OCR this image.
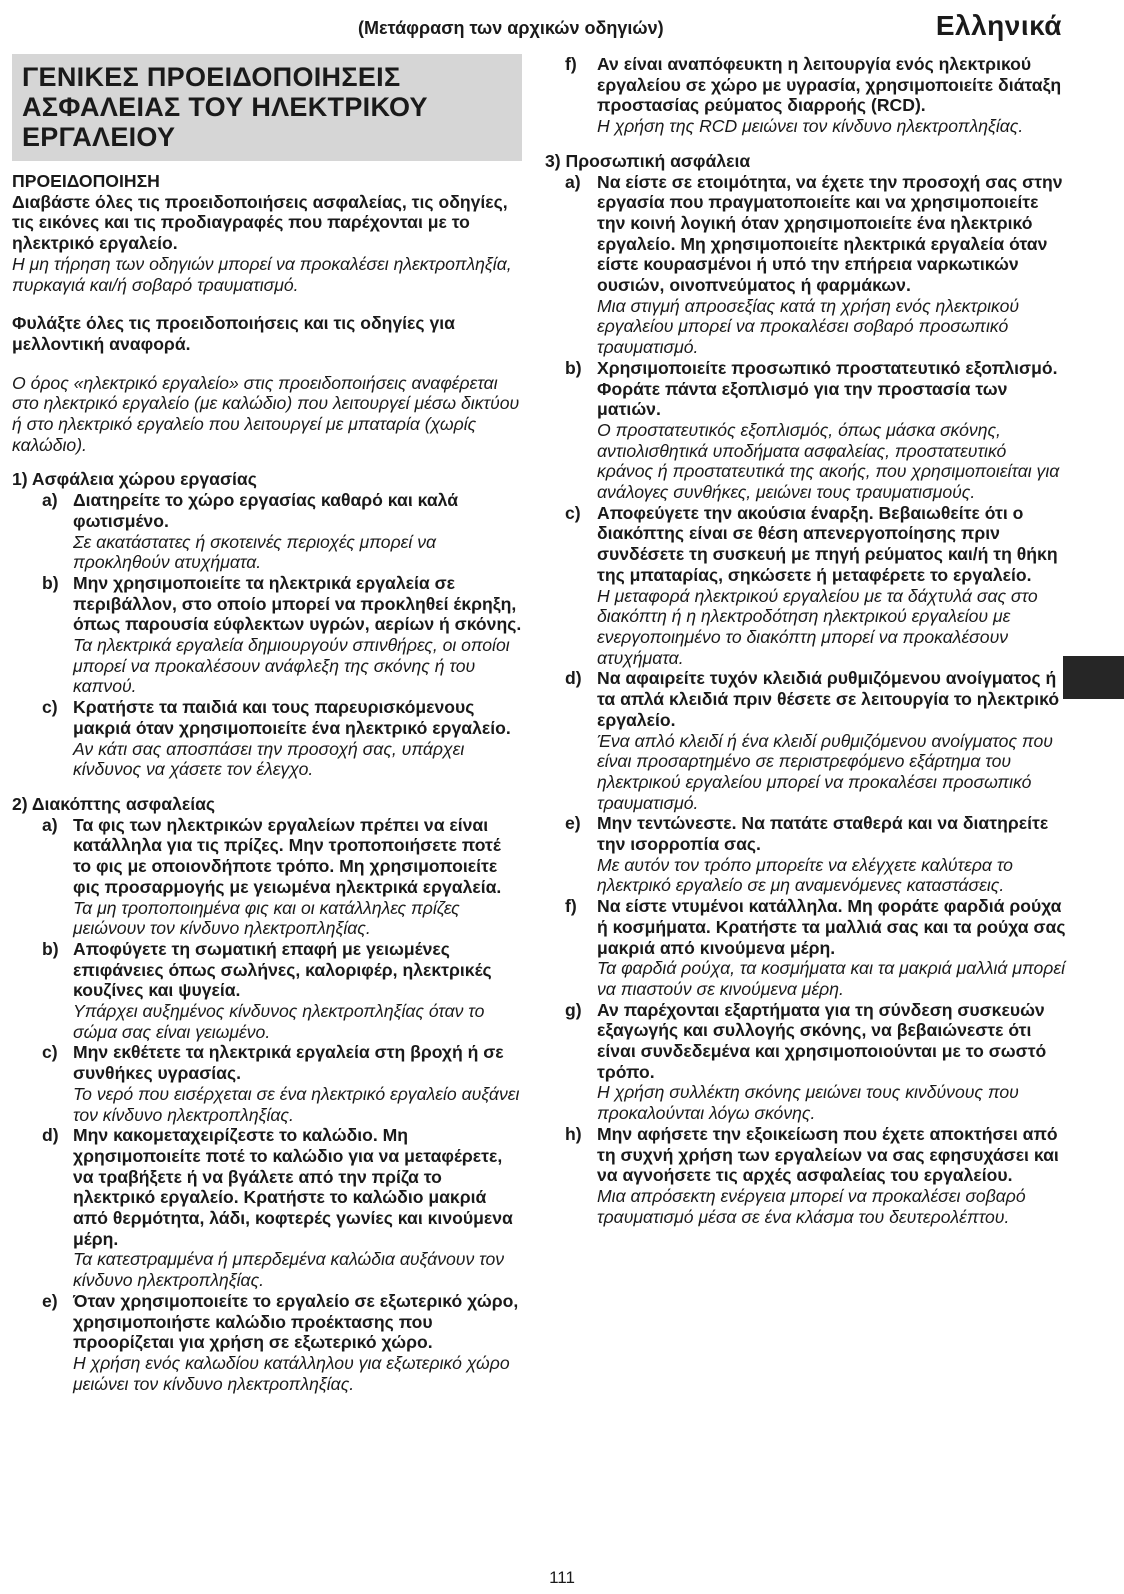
(Μετάφραση των αρχικών οδηγιών)	Ελληνικά
ΓΕΝΙΚΕΣ ΠΡΟΕΙΔΟΠΟΙΗΣΕΙΣ ΑΣΦΑΛΕΙΑΣ ΤΟΥ ΗΛΕΚΤΡΙΚΟΥ ΕΡΓΑΛΕΙΟΥ

ΠΡΟΕΙΔΟΠΟΙΗΣΗ

Διαβάστε όλες τις προειδοποιήσεις ασφαλείας, τις οδηγίες, τις εικόνες και τις προδιαγραφές που παρέχονται με το ηλεκτρικό εργαλείο.

Η μη τήρηση των οδηγιών μπορεί να προκαλέσει ηλεκτροπληξία, πυρκαγιά και/ή σοβαρό τραυματισμό.

Φυλάξτε όλες τις προειδοποιήσεις και τις οδηγίες για μελλοντική αναφορά.

Ο όρος «ηλεκτρικό εργαλείο» στις προειδοποιήσεις αναφέρεται στο ηλεκτρικό εργαλείο (με καλώδιο) που λειτουργεί μέσω δικτύου ή στο ηλεκτρικό εργαλείο που λειτουργεί με μπαταρία (χωρίς καλώδιο).

1) Ασφάλεια χώρου εργασίας

a) Διατηρείτε το χώρο εργασίας καθαρό και καλά φωτισμένο.

Σε ακατάστατες ή σκοτεινές περιοχές μπορεί να προκληθούν ατυχήματα.

b) Μην χρησιμοποιείτε τα ηλεκτρικά εργαλεία σε περιβάλλον, στο οποίο μπορεί να προκληθεί έκρηξη, όπως παρουσία εύφλεκτων υγρών, αερίων ή σκόνης.

Τα ηλεκτρικά εργαλεία δημιουργούν σπινθήρες, οι οποίοι μπορεί να προκαλέσουν ανάφλεξη της σκόνης ή του καπνού.

c) Κρατήστε τα παιδιά και τους παρευρισκόμενους μακριά όταν χρησιμοποιείτε ένα ηλεκτρικό εργαλείο.

Αν κάτι σας αποσπάσει την προσοχή σας, υπάρχει κίνδυνος να χάσετε τον έλεγχο.

2) Διακόπτης ασφαλείας

a) Τα φις των ηλεκτρικών εργαλείων πρέπει να είναι κατάλληλα για τις πρίζες. Μην τροποποιήσετε ποτέ το φις με οποιονδήποτε τρόπο. Μη χρησιμοποιείτε φις προσαρμογής με γειωμένα ηλεκτρικά εργαλεία.

Τα μη τροποποιημένα φις και οι κατάλληλες πρίζες μειώνουν τον κίνδυνο ηλεκτροπληξίας.

b) Αποφύγετε τη σωματική επαφή με γειωμένες επιφάνειες όπως σωλήνες, καλοριφέρ, ηλεκτρικές κουζίνες και ψυγεία.

Υπάρχει αυξημένος κίνδυνος ηλεκτροπληξίας όταν το σώμα σας είναι γειωμένο.

c) Μην εκθέτετε τα ηλεκτρικά εργαλεία στη βροχή ή σε συνθήκες υγρασίας.

Το νερό που εισέρχεται σε ένα ηλεκτρικό εργαλείο αυξάνει τον κίνδυνο ηλεκτροπληξίας.

d) Μην κακομεταχειρίζεστε το καλώδιο. Μη χρησιμοποιείτε ποτέ το καλώδιο για να μεταφέρετε, να τραβήξετε ή να βγάλετε από την πρίζα το ηλεκτρικό εργαλείο. Κρατήστε το καλώδιο μακριά από θερμότητα, λάδι, κοφτερές γωνίες και κινούμενα μέρη.

Τα κατεστραμμένα ή μπερδεμένα καλώδια αυξάνουν τον κίνδυνο ηλεκτροπληξίας.

e) Όταν χρησιμοποιείτε το εργαλείο σε εξωτερικό χώρο, χρησιμοποιήστε καλώδιο προέκτασης που προορίζεται για χρήση σε εξωτερικό χώρο.

Η χρήση ενός καλωδίου κατάλληλου για εξωτερικό χώρο μειώνει τον κίνδυνο ηλεκτροπληξίας.

f) Αν είναι αναπόφευκτη η λειτουργία ενός ηλεκτρικού εργαλείου σε χώρο με υγρασία, χρησιμοποιείτε διάταξη προστασίας ρεύματος διαρροής (RCD).

Η χρήση της RCD μειώνει τον κίνδυνο ηλεκτροπληξίας.

3) Προσωπική ασφάλεια

a) Να είστε σε ετοιμότητα, να έχετε την προσοχή σας στην εργασία που πραγματοποιείτε και να χρησιμοποιείτε την κοινή λογική όταν χρησιμοποιείτε ένα ηλεκτρικό εργαλείο. Μη χρησιμοποιείτε ηλεκτρικά εργαλεία όταν είστε κουρασμένοι ή υπό την επήρεια ναρκωτικών ουσιών, οινοπνεύματος ή φαρμάκων.

Μια στιγμή απροσεξίας κατά τη χρήση ενός ηλεκτρικού εργαλείου μπορεί να προκαλέσει σοβαρό προσωπικό τραυματισμό.

b) Χρησιμοποιείτε προσωπικό προστατευτικό εξοπλισμό. Φοράτε πάντα εξοπλισμό για την προστασία των ματιών.

Ο προστατευτικός εξοπλισμός, όπως μάσκα σκόνης, αντιολισθητικά υποδήματα ασφαλείας, προστατευτικό κράνος ή προστατευτικά της ακοής, που χρησιμοποιείται για ανάλογες συνθήκες, μειώνει τους τραυματισμούς.

c) Αποφεύγετε την ακούσια έναρξη. Βεβαιωθείτε ότι ο διακόπτης είναι σε θέση απενεργοποίησης πριν συνδέσετε τη συσκευή με πηγή ρεύματος και/ή τη θήκη της μπαταρίας, σηκώσετε ή μεταφέρετε το εργαλείο.

Η μεταφορά ηλεκτρικού εργαλείου με τα δάχτυλά σας στο διακόπτη ή η ηλεκτροδότηση ηλεκτρικού εργαλείου με ενεργοποιημένο το διακόπτη μπορεί να προκαλέσουν ατυχήματα.

d) Να αφαιρείτε τυχόν κλειδιά ρυθμιζόμενου ανοίγματος ή τα απλά κλειδιά πριν θέσετε σε λειτουργία το ηλεκτρικό εργαλείο.

Ένα απλό κλειδί ή ένα κλειδί ρυθμιζόμενου ανοίγματος που είναι προσαρτημένο σε περιστρεφόμενο εξάρτημα του ηλεκτρικού εργαλείου μπορεί να προκαλέσει προσωπικό τραυματισμό.

e) Μην τεντώνεστε. Να πατάτε σταθερά και να διατηρείτε την ισορροπία σας.

Με αυτόν τον τρόπο μπορείτε να ελέγχετε καλύτερα το ηλεκτρικό εργαλείο σε μη αναμενόμενες καταστάσεις.

f) Να είστε ντυμένοι κατάλληλα. Μη φοράτε φαρδιά ρούχα ή κοσμήματα. Κρατήστε τα μαλλιά σας και τα ρούχα σας μακριά από κινούμενα μέρη.

Τα φαρδιά ρούχα, τα κοσμήματα και τα μακριά μαλλιά μπορεί να πιαστούν σε κινούμενα μέρη.

g) Αν παρέχονται εξαρτήματα για τη σύνδεση συσκευών εξαγωγής και συλλογής σκόνης, να βεβαιώνεστε ότι είναι συνδεδεμένα και χρησιμοποιούνται με το σωστό τρόπο.

Η χρήση συλλέκτη σκόνης μειώνει τους κινδύνους που προκαλούνται λόγω σκόνης.

h) Μην αφήσετε την εξοικείωση που έχετε αποκτήσει από τη συχνή χρήση των εργαλείων να σας εφησυχάσει και να αγνοήσετε τις αρχές ασφαλείας του εργαλείου.

Μια απρόσεκτη ενέργεια μπορεί να προκαλέσει σοβαρό τραυματισμό μέσα σε ένα κλάσμα του δευτερολέπτου.

111
